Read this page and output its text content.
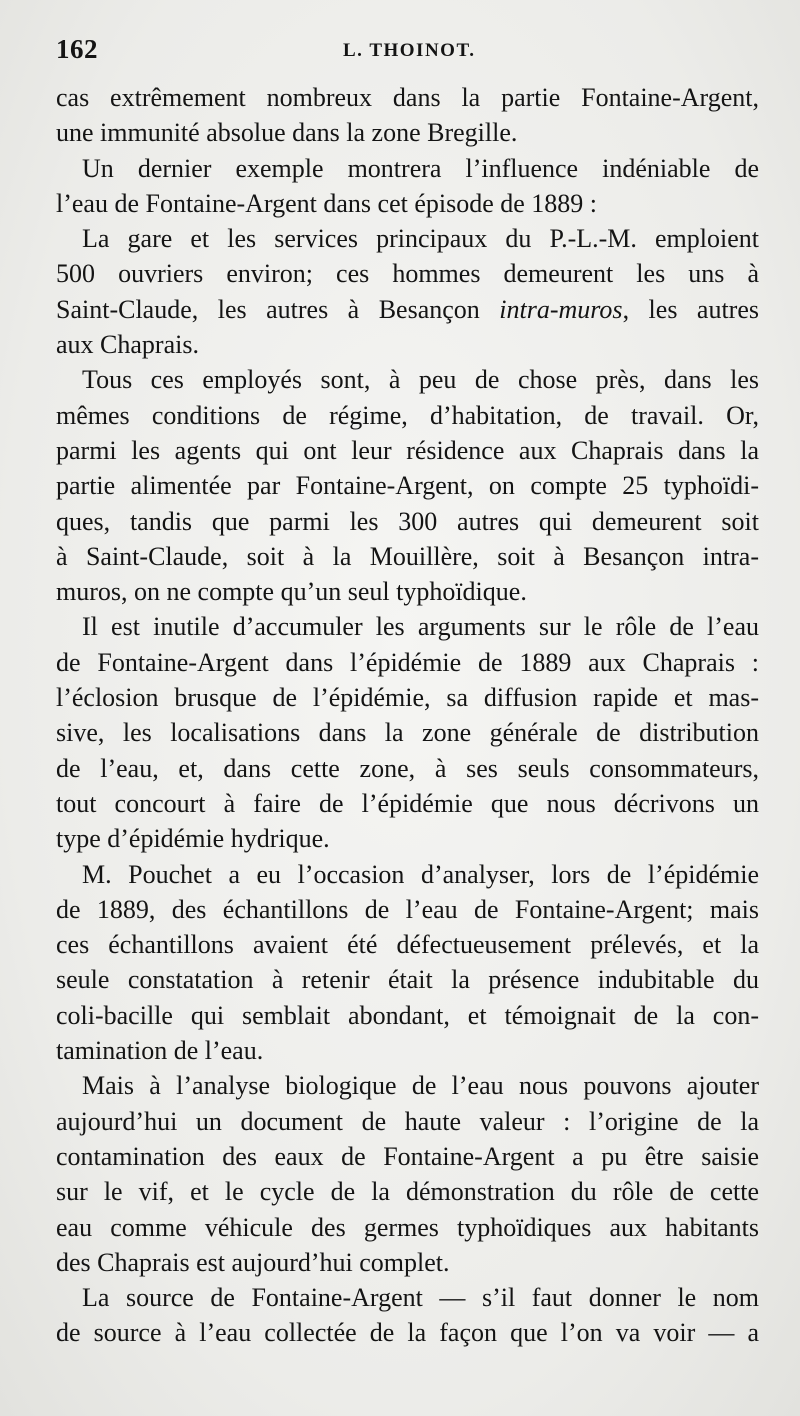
162	L. THOINOT.
cas extrêmement nombreux dans la partie Fontaine-Argent,
une immunité absolue dans la zone Bregille.
Un dernier exemple montrera l’influence indéniable de
l’eau de Fontaine-Argent dans cet épisode de 1889 :
La gare et les services principaux du P.-L.-M. emploient
500 ouvriers environ; ces hommes demeurent les uns à
Saint-Claude, les autres à Besançon intra-muros, les autres
aux Chaprais.
Tous ces employés sont, à peu de chose près, dans les
mêmes conditions de régime, d’habitation, de travail. Or,
parmi les agents qui ont leur résidence aux Chaprais dans la
partie alimentée par Fontaine-Argent, on compte 25 typhoïdi-
ques, tandis que parmi les 300 autres qui demeurent soit
à Saint-Claude, soit à la Mouillère, soit à Besançon intra-
muros, on ne compte qu’un seul typhoïdique.
Il est inutile d’accumuler les arguments sur le rôle de l’eau
de Fontaine-Argent dans l’épidémie de 1889 aux Chaprais :
l’éclosion brusque de l’épidémie, sa diffusion rapide et mas-
sive, les localisations dans la zone générale de distribution
de l’eau, et, dans cette zone, à ses seuls consommateurs,
tout concourt à faire de l’épidémie que nous décrivons un
type d’épidémie hydrique.
M. Pouchet a eu l’occasion d’analyser, lors de l’épidémie
de 1889, des échantillons de l’eau de Fontaine-Argent; mais
ces échantillons avaient été défectueusement prélevés, et la
seule constatation à retenir était la présence indubitable du
coli-bacille qui semblait abondant, et témoignait de la con-
tamination de l’eau.
Mais à l’analyse biologique de l’eau nous pouvons ajouter
aujourd’hui un document de haute valeur : l’origine de la
contamination des eaux de Fontaine-Argent a pu être saisie
sur le vif, et le cycle de la démonstration du rôle de cette
eau comme véhicule des germes typhoïdiques aux habitants
des Chaprais est aujourd’hui complet.
La source de Fontaine-Argent — s’il faut donner le nom
de source à l’eau collectée de la façon que l’on va voir — a
